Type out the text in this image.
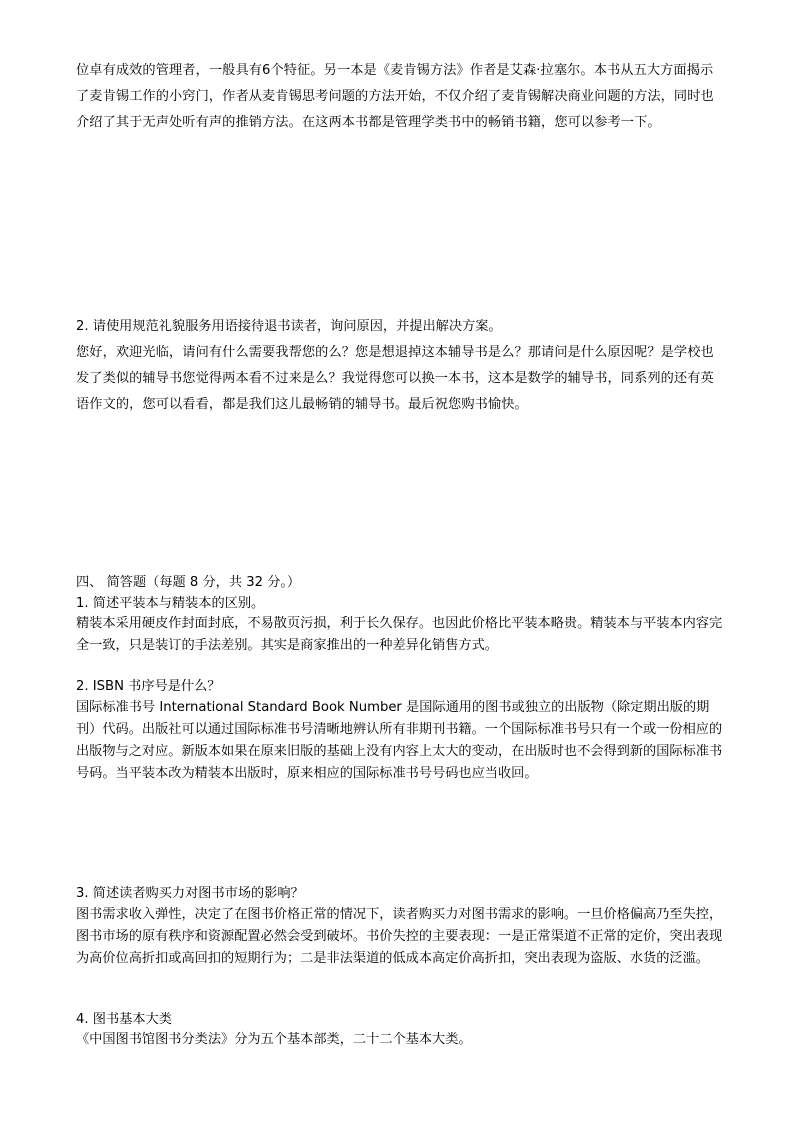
位卓有成效的管理者，一般具有6个特征。另一本是《麦肯锡方法》作者是艾森·拉塞尔。本书从五大方面揭示了麦肯锡工作的小窍门，作者从麦肯锡思考问题的方法开始，不仅介绍了麦肯锡解决商业问题的方法，同时也介绍了其于无声处听有声的推销方法。在这两本书都是管理学类书中的畅销书籍，您可以参考一下。

2. 请使用规范礼貌服务用语接待退书读者，询问原因，并提出解决方案。

您好，欢迎光临，请问有什么需要我帮您的么？您是想退掉这本辅导书是么？那请问是什么原因呢？是学校也发了类似的辅导书您觉得两本看不过来是么？我觉得您可以换一本书，这本是数学的辅导书，同系列的还有英语作文的，您可以看看，都是我们这儿最畅销的辅导书。最后祝您购书愉快。

四、 简答题（每题 8 分，共 32 分。）

1. 简述平装本与精装本的区别。

精装本采用硬皮作封面封底，不易散页污损，利于长久保存。也因此价格比平装本略贵。精装本与平装本内容完全一致，只是装订的手法差别。其实是商家推出的一种差异化销售方式。

2. ISBN 书序号是什么？

国际标准书号 International Standard Book Number 是国际通用的图书或独立的出版物（除定期出版的期刊）代码。出版社可以通过国际标准书号清晰地辨认所有非期刊书籍。一个国际标准书号只有一个或一份相应的出版物与之对应。新版本如果在原来旧版的基础上没有内容上太大的变动，在出版时也不会得到新的国际标准书号码。当平装本改为精装本出版时，原来相应的国际标准书号号码也应当收回。

3. 简述读者购买力对图书市场的影响？

图书需求收入弹性，决定了在图书价格正常的情况下，读者购买力对图书需求的影响。一旦价格偏高乃至失控，图书市场的原有秩序和资源配置必然会受到破坏。书价失控的主要表现：一是正常渠道不正常的定价，突出表现为高价位高折扣或高回扣的短期行为；二是非法渠道的低成本高定价高折扣，突出表现为盗版、水货的泛滥。

4. 图书基本大类

《中国图书馆图书分类法》分为五个基本部类，二十二个基本大类。
